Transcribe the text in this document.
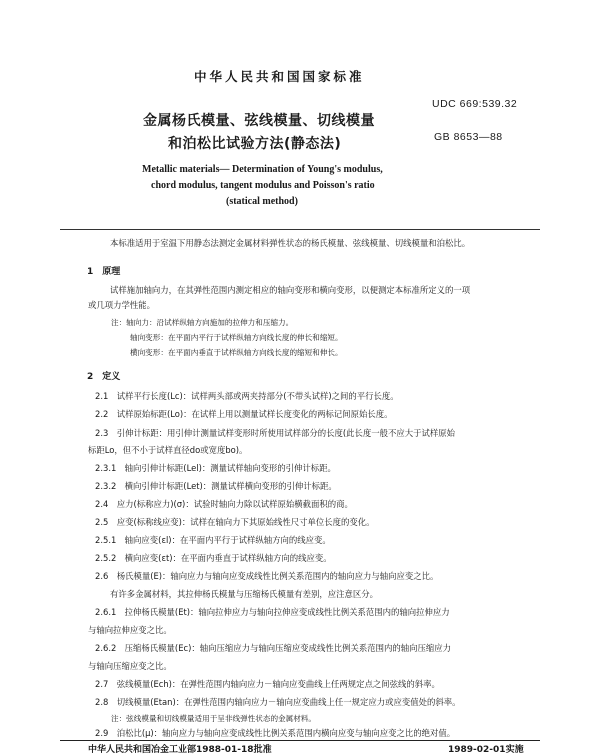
中华人民共和国国家标准
金属杨氏模量、弦线模量、切线模量
和泊松比试验方法(静态法)
UDC 669:539.32
GB 8653—88
Metallic materials— Determination of Young's modulus,
chord modulus, tangent modulus and Poisson's ratio
(statical method)
本标准适用于室温下用静态法测定金属材料弹性状态的杨氏模量、弦线模量、切线模量和泊松比。
1　原理
试样施加轴向力，在其弹性范围内测定相应的轴向变形和横向变形，以便测定本标准所定义的一项
或几项力学性能。
注：轴向力：沿试样纵轴方向施加的拉伸力和压缩力。
轴向变形：在平面内平行于试样纵轴方向线长度的伸长和缩短。
横向变形：在平面内垂直于试样纵轴方向线长度的缩短和伸长。
2　定义
2.1　试样平行长度(Lc)：试样两头部或两夹持部分(不带头试样)之间的平行长度。
2.2　试样原始标距(Lo)：在试样上用以测量试样长度变化的两标记间原始长度。
2.3　引伸计标距：用引伸计测量试样变形时所使用试样部分的长度(此长度一般不应大于试样原始
标距Lo，但不小于试样直径do或宽度bo)。
2.3.1　轴向引伸计标距(Lel)：测量试样轴向变形的引伸计标距。
2.3.2　横向引伸计标距(Let)：测量试样横向变形的引伸计标距。
2.4　应力(标称应力)(σ)：试验时轴向力除以试样原始横截面积的商。
2.5　应变(标称线应变)：试样在轴向力下其原始线性尺寸单位长度的变化。
2.5.1　轴向应变(εl)：在平面内平行于试样纵轴方向的线应变。
2.5.2　横向应变(εt)：在平面内垂直于试样纵轴方向的线应变。
2.6　杨氏模量(E)：轴向应力与轴向应变成线性比例关系范围内的轴向应力与轴向应变之比。
有许多金属材料，其拉伸杨氏模量与压缩杨氏模量有差别，应注意区分。
2.6.1　拉伸杨氏模量(Et)：轴向拉伸应力与轴向拉伸应变成线性比例关系范围内的轴向拉伸应力
与轴向拉伸应变之比。
2.6.2　压缩杨氏模量(Ec)：轴向压缩应力与轴向压缩应变成线性比例关系范围内的轴向压缩应力
与轴向压缩应变之比。
2.7　弦线模量(Ech)：在弹性范围内轴向应力－轴向应变曲线上任两规定点之间弦线的斜率。
2.8　切线模量(Etan)：在弹性范围内轴向应力－轴向应变曲线上任一规定应力或应变值处的斜率。
注：弦线模量和切线模量适用于呈非线弹性状态的金属材料。
2.9　泊松比(μ)：轴向应力与轴向应变成线性比例关系范围内横向应变与轴向应变之比的绝对值。
中华人民共和国冶金工业部1988-01-18批准	1989-02-01实施
